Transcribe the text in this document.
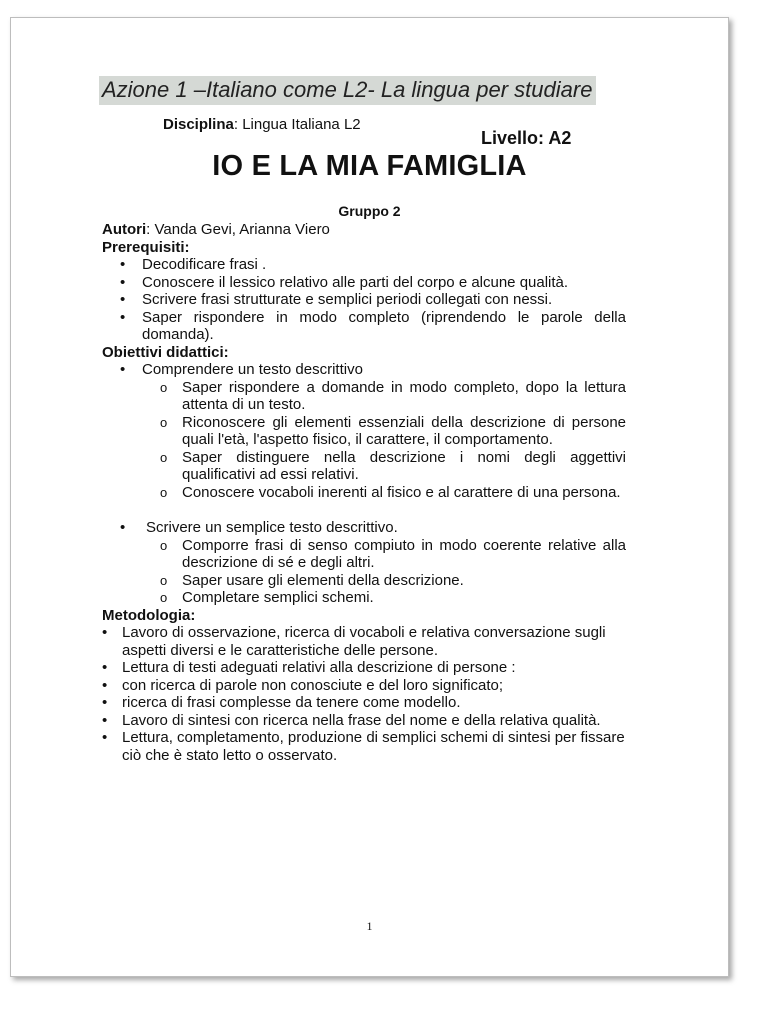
Azione 1 –Italiano come L2- La lingua per studiare
Disciplina: Lingua Italiana L2
Livello: A2
IO E LA MIA FAMIGLIA
Gruppo 2
Autori: Vanda Gevi, Arianna Viero
Prerequisiti:
• Decodificare frasi .
• Conoscere il lessico relativo alle parti del corpo e alcune qualità.
• Scrivere frasi strutturate e semplici periodi collegati con nessi.
• Saper rispondere in modo completo (riprendendo le parole della domanda).
Obiettivi didattici:
• Comprendere un testo descrittivo
o Saper rispondere a domande in modo completo, dopo la lettura attenta di un testo.
o Riconoscere gli elementi essenziali della descrizione di persone quali l'età, l'aspetto fisico, il carattere, il comportamento.
o Saper distinguere nella descrizione i nomi degli aggettivi qualificativi ad essi relativi.
o Conoscere vocaboli inerenti al fisico e al carattere di una persona.
• Scrivere un semplice testo descrittivo.
o Comporre frasi di senso compiuto in modo coerente relative alla descrizione di sé e degli altri.
o Saper usare gli elementi della descrizione.
o Completare semplici schemi.
Metodologia:
• Lavoro di osservazione, ricerca di vocaboli e relativa conversazione sugli aspetti diversi e le caratteristiche delle persone.
• Lettura di testi adeguati relativi alla descrizione di persone :
• con ricerca di parole non conosciute e del loro significato;
• ricerca di frasi complesse da tenere come modello.
• Lavoro di sintesi con ricerca nella frase del nome e della relativa qualità.
• Lettura, completamento, produzione di semplici schemi di sintesi per fissare ciò che è stato letto o osservato.
1
